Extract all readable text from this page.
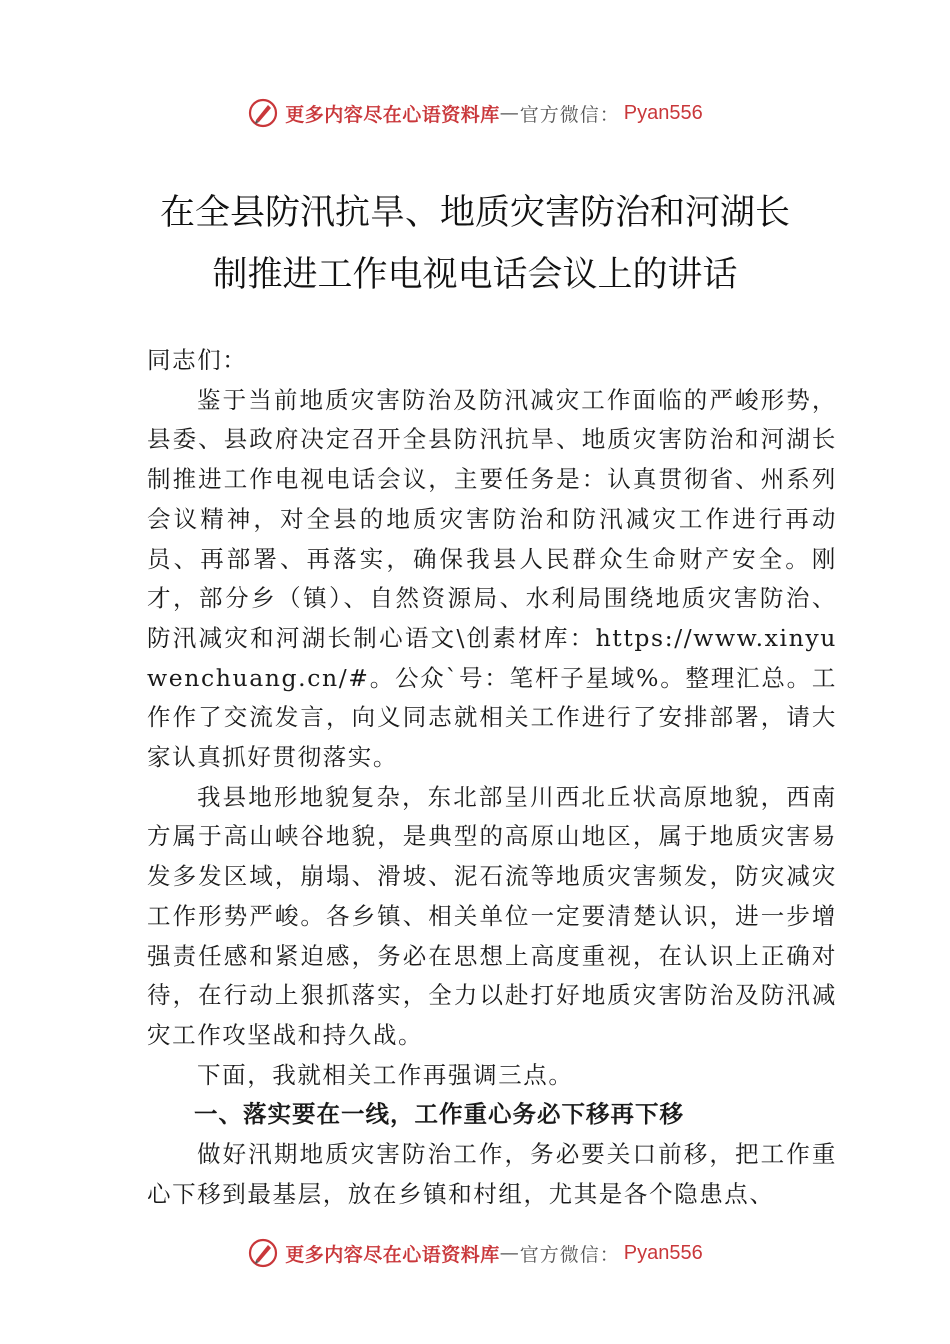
更多内容尽在心语资料库 — 官方微信： Pyan556
在全县防汛抗旱、地质灾害防治和河湖长
制推进工作电视电话会议上的讲话

同志们：

鉴于当前地质灾害防治及防汛减灾工作面临的严峻形势，县委、县政府决定召开全县防汛抗旱、地质灾害防治和河湖长制推进工作电视电话会议，主要任务是：认真贯彻省、州系列会议精神，对全县的地质灾害防治和防汛减灾工作进行再动员、再部署、再落实，确保我县人民群众生命财产安全。刚才，部分乡（镇）、自然资源局、水利局围绕地质灾害防治、防汛减灾和河湖长制心语文\创素材库：https://www.xinyuwenchuang.cn/#。公众`号：笔杆子星域%。整理汇总。工作作了交流发言，向义同志就相关工作进行了安排部署，请大家认真抓好贯彻落实。

我县地形地貌复杂，东北部呈川西北丘状高原地貌，西南方属于高山峡谷地貌，是典型的高原山地区，属于地质灾害易发多发区域，崩塌、滑坡、泥石流等地质灾害频发，防灾减灾工作形势严峻。各乡镇、相关单位一定要清楚认识，进一步增强责任感和紧迫感，务必在思想上高度重视，在认识上正确对待，在行动上狠抓落实，全力以赴打好地质灾害防治及防汛减灾工作攻坚战和持久战。

下面，我就相关工作再强调三点。

一、落实要在一线，工作重心务必下移再下移

做好汛期地质灾害防治工作，务必要关口前移，把工作重心下移到最基层，放在乡镇和村组，尤其是各个隐患点、

更多内容尽在心语资料库 — 官方微信： Pyan556
